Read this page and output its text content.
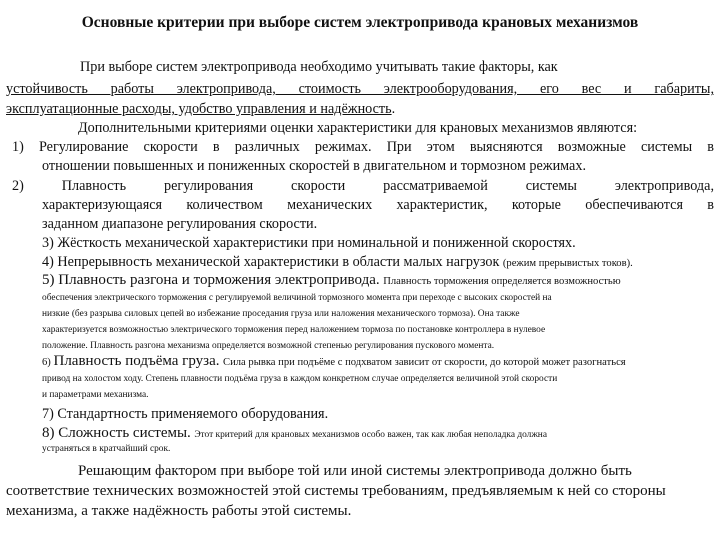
Основные критерии при выборе систем электропривода крановых механизмов
При выборе систем электропривода необходимо учитывать такие факторы, как
устойчивость работы электропривода, стоимость электрооборудования, его вес и габариты,
эксплуатационные расходы, удобство управления и надёжность.
Дополнительными критериями оценки характеристики для крановых механизмов являются:
1) Регулирование скорости в различных режимах. При этом выясняются возможные системы в
отношении повышенных и пониженных скоростей в двигательном и тормозном режимах.
2) Плавность регулирования скорости рассматриваемой системы электропривода,
характеризующаяся количеством механических характеристик, которые обеспечиваются в
заданном диапазоне регулирования скорости.
3) Жёсткость механической характеристики при номинальной и пониженной скоростях.
4) Непрерывность механической характеристики в области малых нагрузок (режим прерывистых токов).
5) Плавность разгона и торможения электропривода. Плавность торможения определяется возможностью
обеспечения электрического торможения с регулируемой величиной тормозного момента при переходе с высоких скоростей на
низкие (без разрыва силовых цепей во избежание проседания груза или наложения механического тормоза). Она также
характеризуется возможностью электрического торможения перед наложением тормоза по постановке контроллера в нулевое
положение. Плавность разгона механизма определяется возможной степенью регулирования пускового момента.
6) Плавность подъёма груза. Сила рывка при подъёме с подхватом зависит от скорости, до которой может разогнаться
привод на холостом ходу. Степень плавности подъёма груза в каждом конкретном случае определяется величиной этой скорости
и параметрами механизма.
7) Стандартность применяемого оборудования.
8) Сложность системы. Этот критерий для крановых механизмов особо важен, так как любая неполадка должна
устраняться в кратчайший срок.
Решающим фактором при выборе той или иной системы электропривода должно быть
соответствие технических возможностей этой системы требованиям, предъявляемым к ней со стороны
механизма, а также надёжность работы этой системы.
